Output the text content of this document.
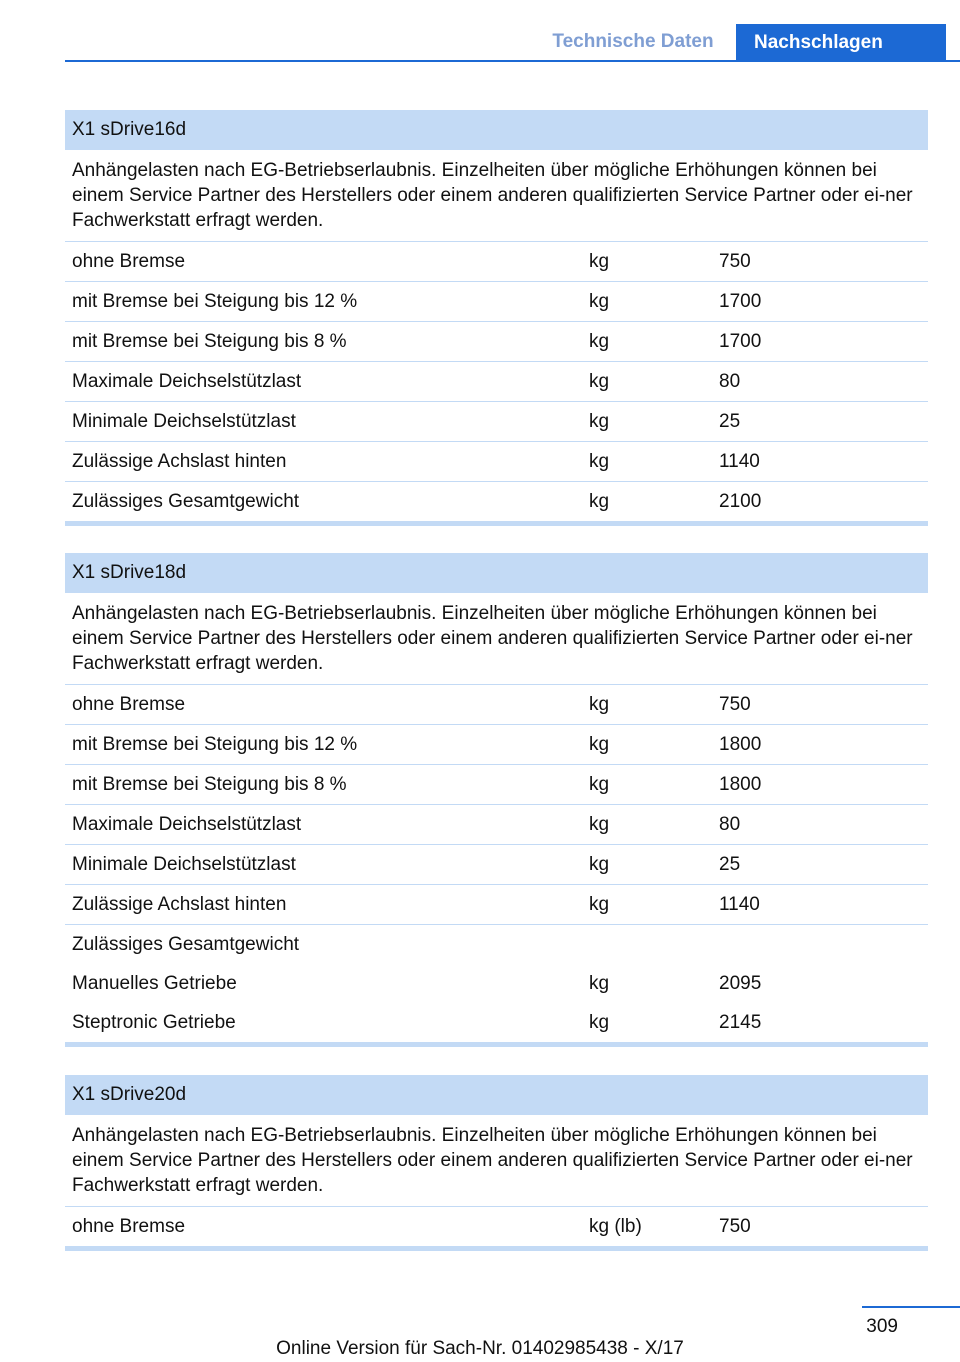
Technische Daten	Nachschlagen
X1 sDrive16d
Anhängelasten nach EG-Betriebserlaubnis. Einzelheiten über mögliche Erhöhungen können bei einem Service Partner des Herstellers oder einem anderen qualifizierten Service Partner oder ei-ner Fachwerkstatt erfragt werden.
ohne Bremse	kg	750
mit Bremse bei Steigung bis 12 %	kg	1700
mit Bremse bei Steigung bis 8 %	kg	1700
Maximale Deichselstützlast	kg	80
Minimale Deichselstützlast	kg	25
Zulässige Achslast hinten	kg	1140
Zulässiges Gesamtgewicht	kg	2100
X1 sDrive18d
Anhängelasten nach EG-Betriebserlaubnis. Einzelheiten über mögliche Erhöhungen können bei einem Service Partner des Herstellers oder einem anderen qualifizierten Service Partner oder ei-ner Fachwerkstatt erfragt werden.
ohne Bremse	kg	750
mit Bremse bei Steigung bis 12 %	kg	1800
mit Bremse bei Steigung bis 8 %	kg	1800
Maximale Deichselstützlast	kg	80
Minimale Deichselstützlast	kg	25
Zulässige Achslast hinten	kg	1140
Zulässiges Gesamtgewicht
Manuelles Getriebe	kg	2095
Steptronic Getriebe	kg	2145
X1 sDrive20d
Anhängelasten nach EG-Betriebserlaubnis. Einzelheiten über mögliche Erhöhungen können bei einem Service Partner des Herstellers oder einem anderen qualifizierten Service Partner oder ei-ner Fachwerkstatt erfragt werden.
ohne Bremse	kg (lb)	750
309
Online Version für Sach-Nr. 01402985438 - X/17
